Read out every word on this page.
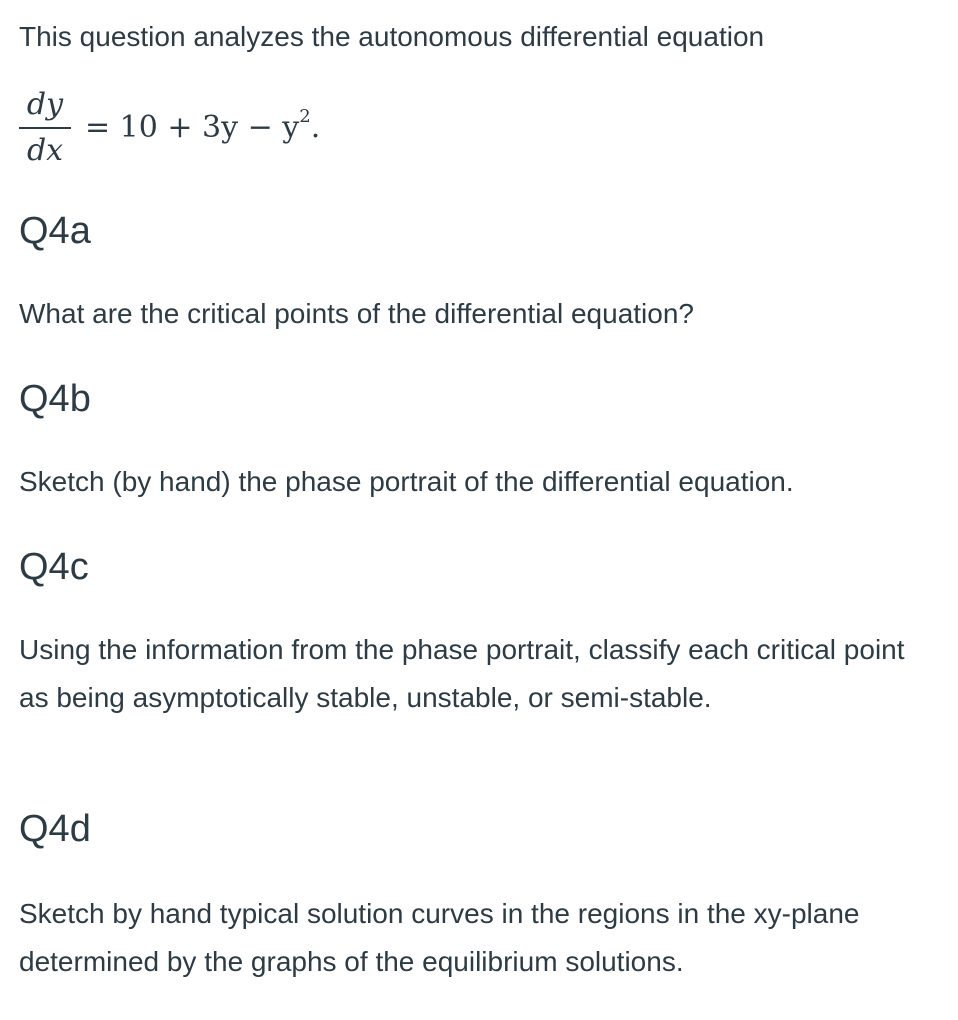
This question analyzes the autonomous differential equation
dy
dx
= $10 + 3y - y^2$.
Q4a

What are the critical points of the differential equation?

Q4b

Sketch (by hand) the phase portrait of the differential equation.

Q4c

Using the information from the phase portrait, classify each critical point as being asymptotically stable, unstable, or semi-stable.

Q4d

Sketch by hand typical solution curves in the regions in the xy-plane determined by the graphs of the equilibrium solutions.
